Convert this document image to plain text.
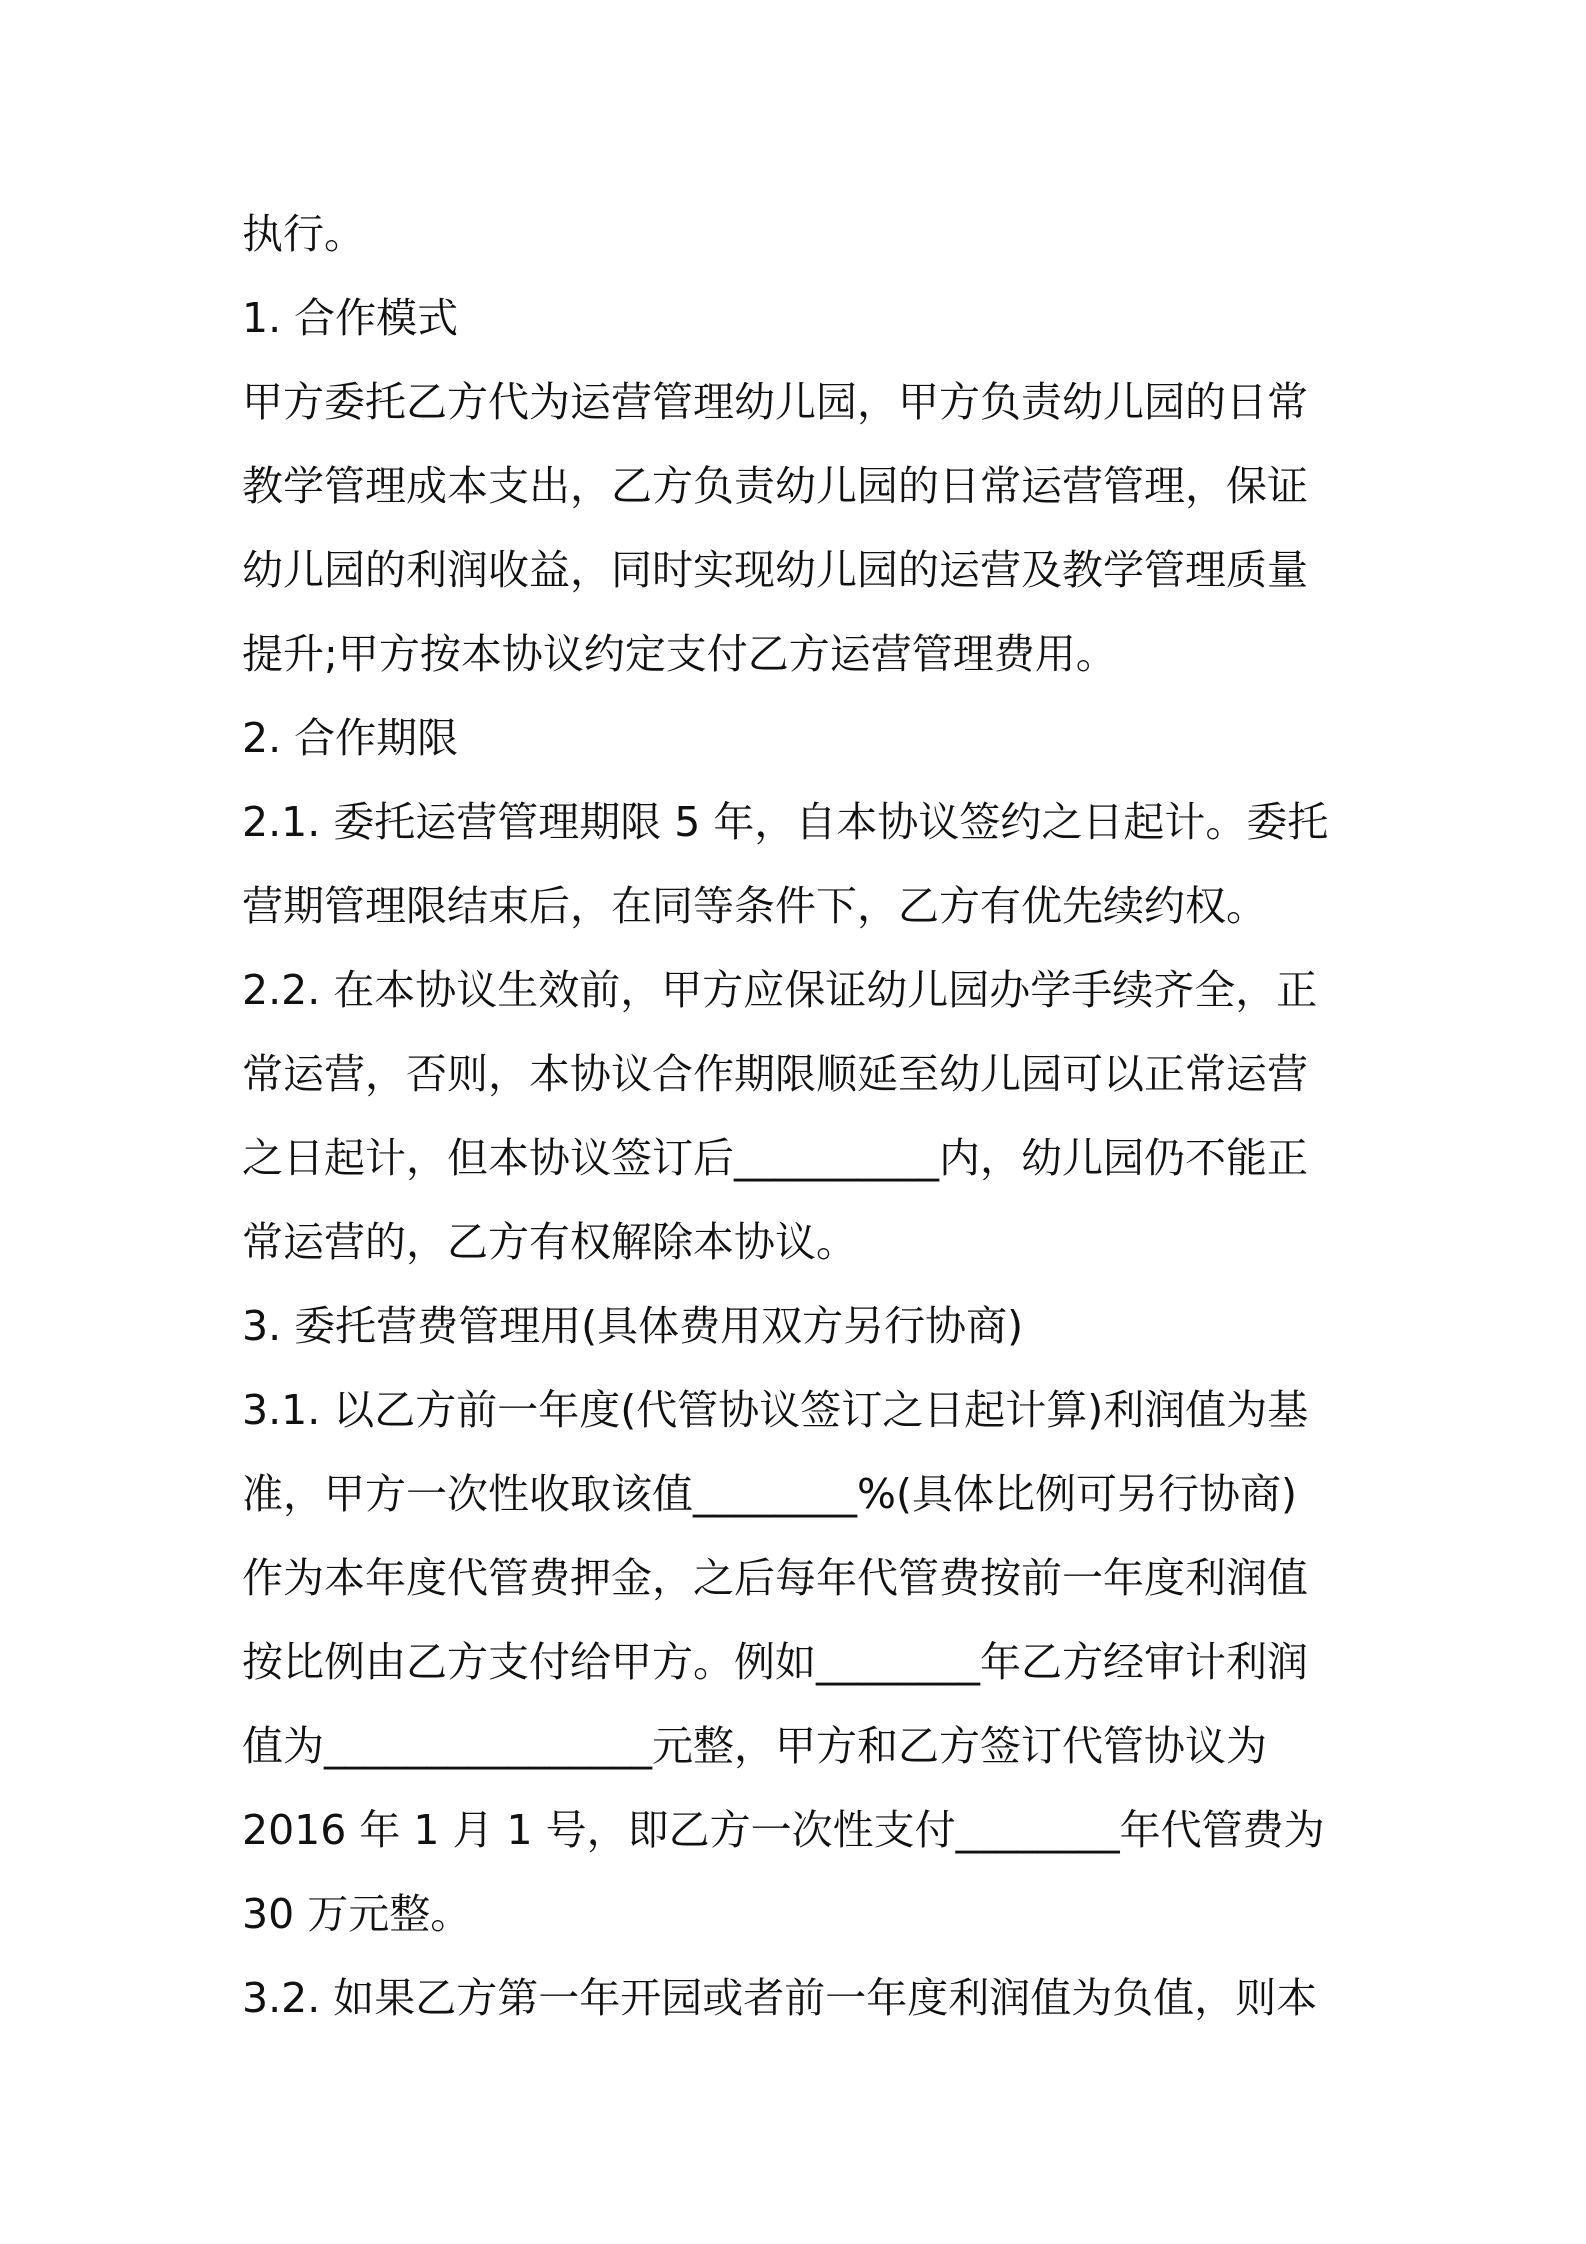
执行。

1. 合作模式

甲方委托乙方代为运营管理幼儿园，甲方负责幼儿园的日常
教学管理成本支出，乙方负责幼儿园的日常运营管理，保证
幼儿园的利润收益，同时实现幼儿园的运营及教学管理质量
提升;甲方按本协议约定支付乙方运营管理费用。

2. 合作期限

2.1. 委托运营管理期限 5 年，自本协议签约之日起计。委托
营期管理限结束后，在同等条件下，乙方有优先续约权。

2.2. 在本协议生效前，甲方应保证幼儿园办学手续齐全，正
常运营，否则，本协议合作期限顺延至幼儿园可以正常运营
之日起计，但本协议签订后__________内，幼儿园仍不能正
常运营的，乙方有权解除本协议。

3. 委托营费管理用(具体费用双方另行协商)

3.1. 以乙方前一年度(代管协议签订之日起计算)利润值为基
准，甲方一次性收取该值________%(具体比例可另行协商)
作为本年度代管费押金，之后每年代管费按前一年度利润值
按比例由乙方支付给甲方。例如________年乙方经审计利润
值为________________元整，甲方和乙方签订代管协议为
2016 年 1 月 1 号，即乙方一次性支付________年代管费为
30 万元整。

3.2. 如果乙方第一年开园或者前一年度利润值为负值，则本
